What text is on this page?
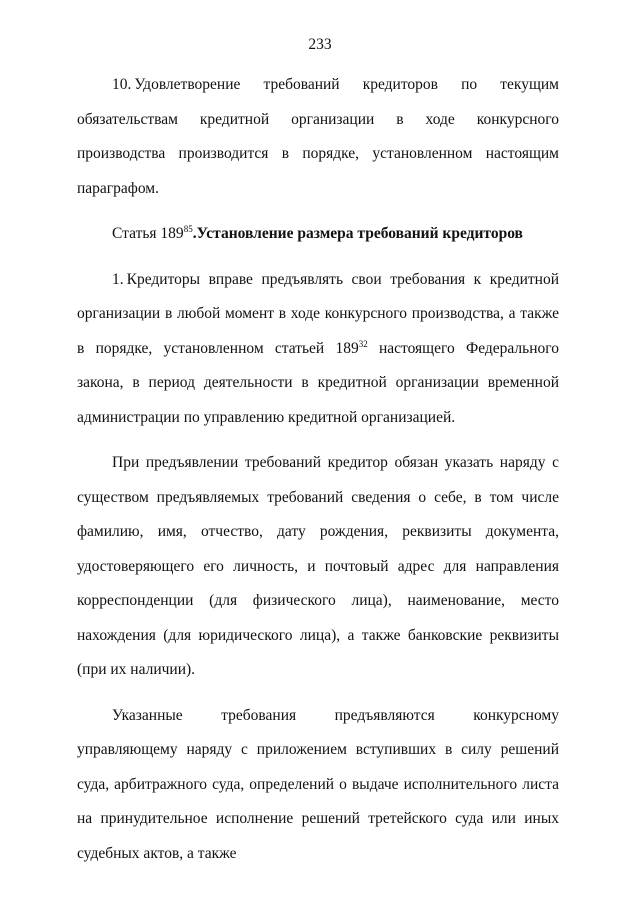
233

10. Удовлетворение требований кредиторов по текущим обязательствам кредитной организации в ходе конкурсного производства производится в порядке, установленном настоящим параграфом.

Статья $189^{85}.Установление$ размера требований кредиторов

1. Кредиторы вправе предъявлять свои требования к кредитной организации в любой момент в ходе конкурсного производства, а также в порядке, установленном статьей $189^{32}$ настоящего Федерального закона, в период деятельности в кредитной организации временной администрации по управлению кредитной организацией.

При предъявлении требований кредитор обязан указать наряду с существом предъявляемых требований сведения о себе, в том числе фамилию, имя, отчество, дату рождения, реквизиты документа, удостоверяющего его личность, и почтовый адрес для направления корреспонденции (для физического лица), наименование, место нахождения (для юридического лица), а также банковские реквизиты (при их наличии).

Указанные требования предъявляются конкурсному управляющему наряду с приложением вступивших в силу решений суда, арбитражного суда, определений о выдаче исполнительного листа на принудительное исполнение решений третейского суда или иных судебных актов, а также
